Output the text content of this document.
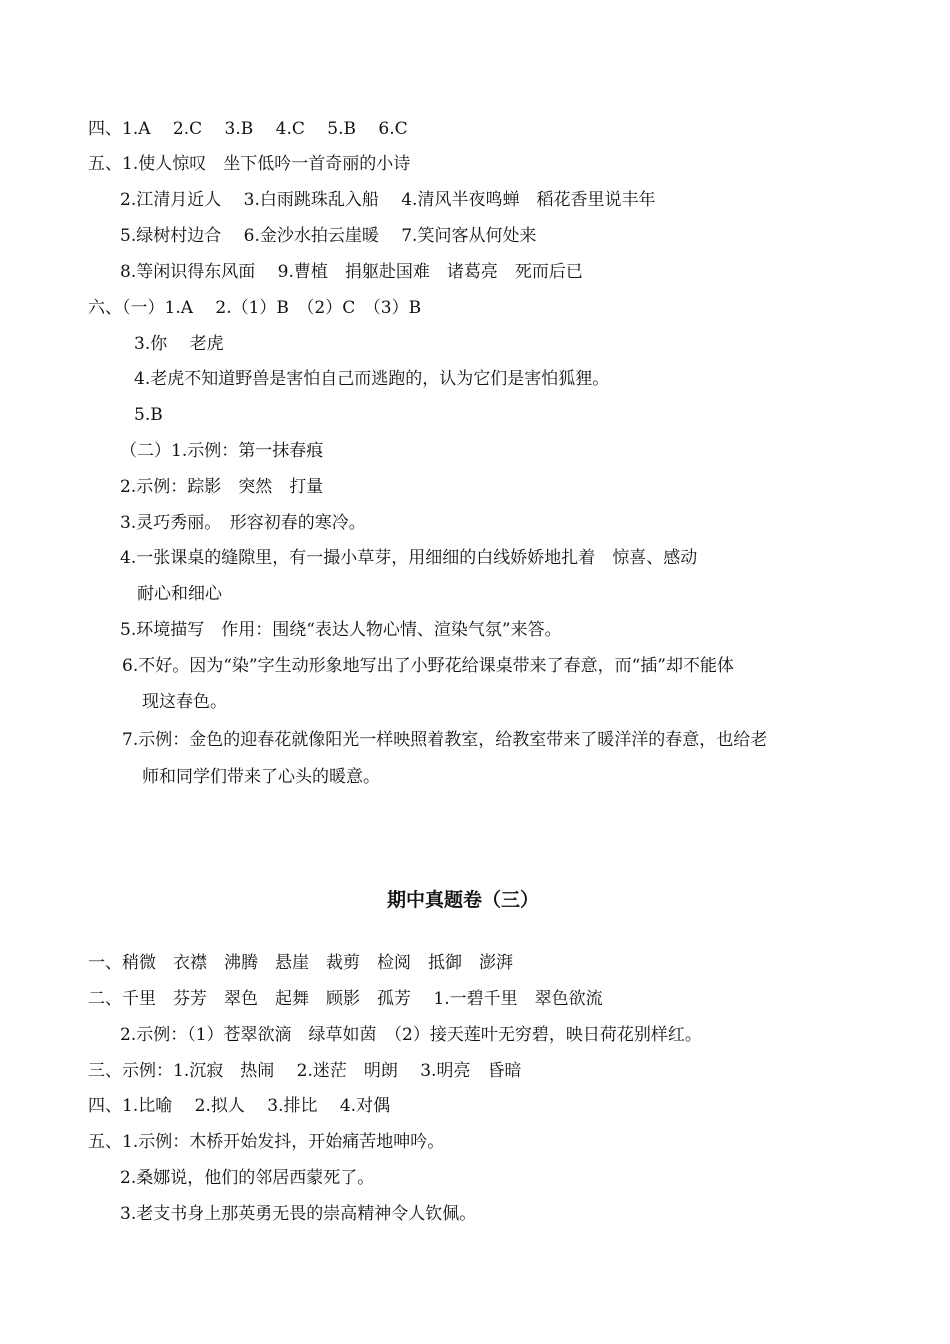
四、1.A　 2.C　 3.B　 4.C　 5.B　 6.C
五、1.使人惊叹　坐下低吟一首奇丽的小诗
2.江清月近人　 3.白雨跳珠乱入船　 4.清风半夜鸣蝉　稻花香里说丰年
5.绿树村边合　 6.金沙水拍云崖暖　 7.笑问客从何处来
8.等闲识得东风面　 9.曹植　捐躯赴国难　诸葛亮　死而后已
六、（一）1.A　 2.（1）B　（2）C　（3）B
3.你　 老虎
4.老虎不知道野兽是害怕自己而逃跑的，认为它们是害怕狐狸。
5.B
（二）1.示例：第一抹春痕
2.示例：踪影　突然　打量
3.灵巧秀丽。　形容初春的寒冷。
4.一张课桌的缝隙里，有一撮小草芽，用细细的白线娇娇地扎着　惊喜、感动
耐心和细心
5.环境描写　作用：围绕“表达人物心情、渲染气氛”来答。
6.不好。因为“染”字生动形象地写出了小野花给课桌带来了春意，而“插”却不能体
现这春色。
7.示例：金色的迎春花就像阳光一样映照着教室，给教室带来了暖洋洋的春意，也给老
师和同学们带来了心头的暖意。
期中真题卷（三）
一、稍微　衣襟　沸腾　悬崖　裁剪　检阅　抵御　澎湃
二、千里　芬芳　翠色　起舞　顾影　孤芳　 1.一碧千里　翠色欲流
2.示例：（1）苍翠欲滴　绿草如茵　（2）接天莲叶无穷碧，映日荷花别样红。
三、示例：1.沉寂　热闹　 2.迷茫　明朗　 3.明亮　昏暗
四、1.比喻　 2.拟人　 3.排比　 4.对偶
五、1.示例：木桥开始发抖，开始痛苦地呻吟。
2.桑娜说，他们的邻居西蒙死了。
3.老支书身上那英勇无畏的崇高精神令人钦佩。
